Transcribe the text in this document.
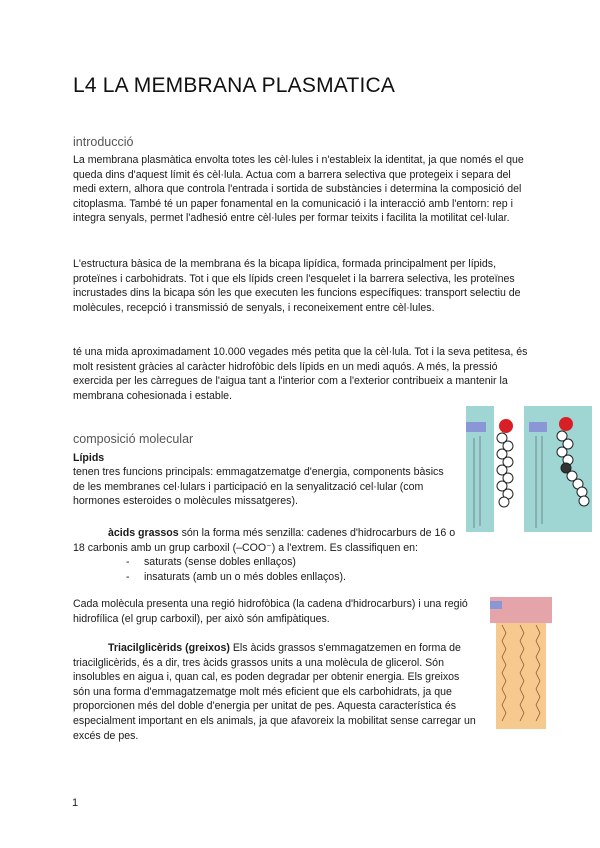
L4 LA MEMBRANA PLASMATICA
introducció
La membrana plasmàtica envolta totes les cèl·lules i n'estableix la identitat, ja que només el que queda dins d'aquest límit és cèl·lula. Actua com a barrera selectiva que protegeix i separa del medi extern, alhora que controla l'entrada i sortida de substàncies i determina la composició del citoplasma. També té un paper fonamental en la comunicació i la interacció amb l'entorn: rep i integra senyals, permet l'adhesió entre cèl·lules per formar teixits i facilita la motilitat cel·lular.
L'estructura bàsica de la membrana és la bicapa lipídica, formada principalment per lípids, proteïnes i carbohidrats. Tot i que els lípids creen l'esquelet i la barrera selectiva, les proteïnes incrustades dins la bicapa són les que executen les funcions específiques: transport selectiu de molècules, recepció i transmissió de senyals, i reconeixement entre cèl·lules.
té una mida aproximadament 10.000 vegades més petita que la cèl·lula. Tot i la seva petitesa, és molt resistent gràcies al caràcter hidrofòbic dels lípids en un medi aquós. A més, la pressió exercida per les càrregues de l'aigua tant a l'interior com a l'exterior contribueix a mantenir la membrana cohesionada i estable.
composició molecular
Lípids
tenen tres funcions principals: emmagatzematge d'energia, components bàsics de les membranes cel·lulars i participació en la senyalització cel·lular (com hormones esteroides o molècules missatgeres).
àcids grassos són la forma més senzilla: cadenes d'hidrocarburs de 16 o 18 carbonis amb un grup carboxil (–COO⁻) a l'extrem. Es classifiquen en:
- saturats (sense dobles enllaços)
- insaturats (amb un o més dobles enllaços).
Cada molècula presenta una regió hidrofòbica (la cadena d'hidrocarburs) i una regió hidrofílica (el grup carboxil), per això són amfipàtiques.
Triacilglicèrids (greixos) Els àcids grassos s'emmagatzemen en forma de triacilglicèrids, és a dir, tres àcids grassos units a una molècula de glicerol. Són insolubles en aigua i, quan cal, es poden degradar per obtenir energia. Els greixos són una forma d'emmagatzematge molt més eficient que els carbohidrats, ja que proporcionen més del doble d'energia per unitat de pes. Aquesta característica és especialment important en els animals, ja que afavoreix la mobilitat sense carregar un excés de pes.
1
